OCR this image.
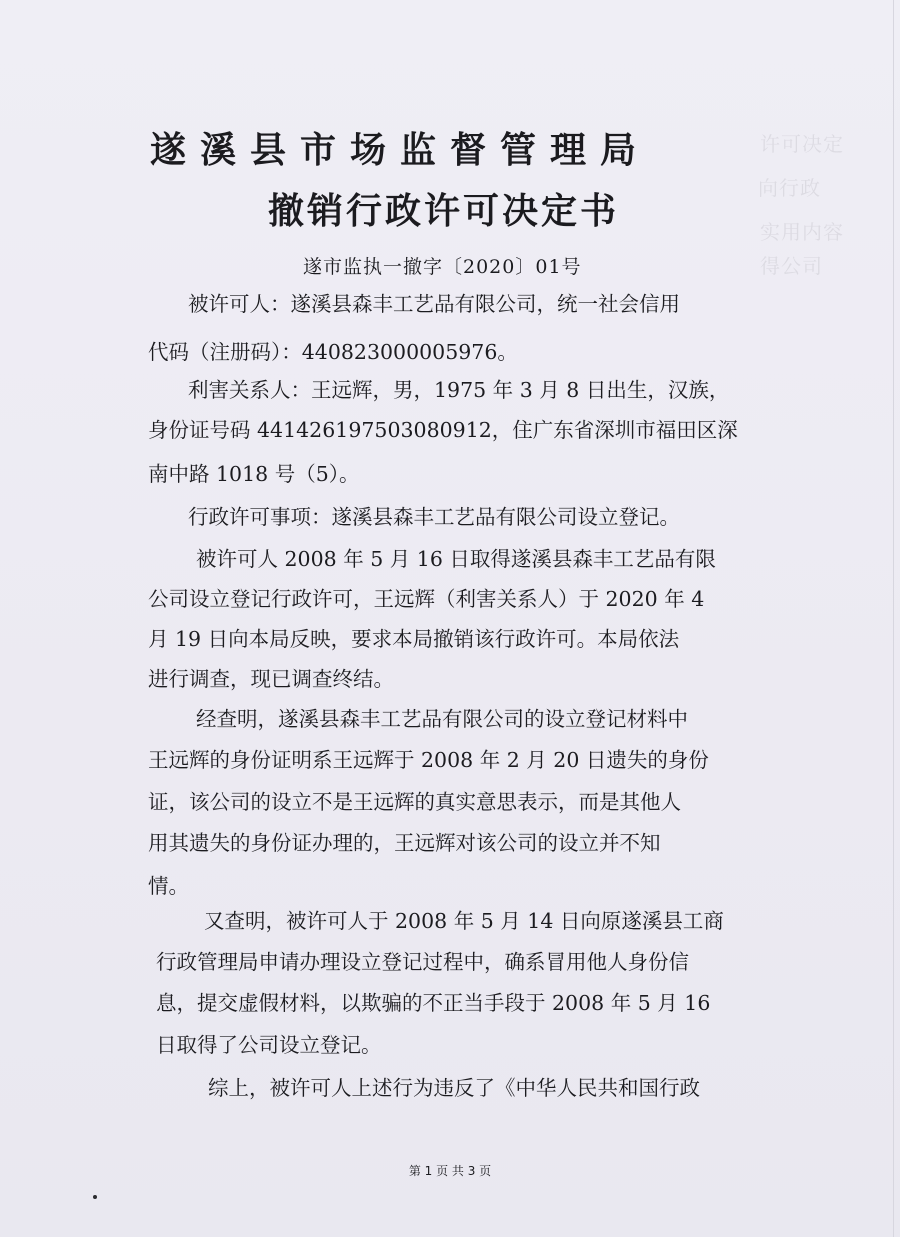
许可决定
向行政
实用内容
得公司
遂溪县市场监督管理局
撤销行政许可决定书
遂市监执一撤字〔2020〕01号
被许可人：遂溪县森丰工艺品有限公司，统一社会信用
代码（注册码）：440823000005976。
利害关系人：王远辉，男，1975 年 3 月 8 日出生，汉族，
身份证号码 441426197503080912，住广东省深圳市福田区深
南中路 1018 号（5）。
行政许可事项：遂溪县森丰工艺品有限公司设立登记。
被许可人 2008 年 5 月 16 日取得遂溪县森丰工艺品有限
公司设立登记行政许可，王远辉（利害关系人）于 2020 年 4
月 19 日向本局反映，要求本局撤销该行政许可。本局依法
进行调查，现已调查终结。
经查明，遂溪县森丰工艺品有限公司的设立登记材料中
王远辉的身份证明系王远辉于 2008 年 2 月 20 日遗失的身份
证，该公司的设立不是王远辉的真实意思表示，而是其他人
用其遗失的身份证办理的，王远辉对该公司的设立并不知
情。
又查明，被许可人于 2008 年 5 月 14 日向原遂溪县工商
行政管理局申请办理设立登记过程中，确系冒用他人身份信
息，提交虚假材料，以欺骗的不正当手段于 2008 年 5 月 16
日取得了公司设立登记。
综上，被许可人上述行为违反了《中华人民共和国行政
第 1 页 共 3 页
